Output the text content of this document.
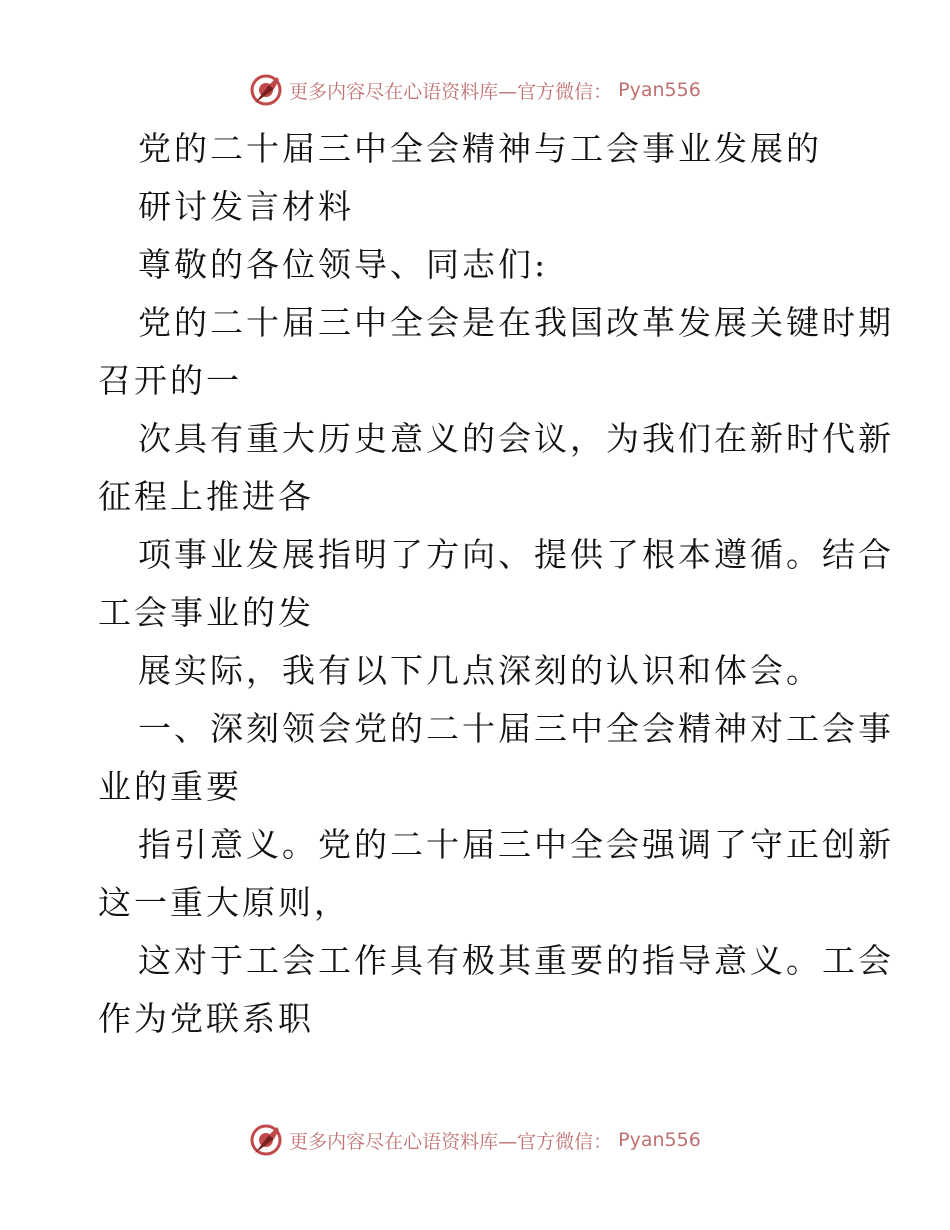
更多内容尽在心语资料库—官方微信： Pyan556
党的二十届三中全会精神与工会事业发展的
研讨发言材料
尊敬的各位领导、同志们:
党的二十届三中全会是在我国改革发展关键时期
召开的一
次具有重大历史意义的会议，为我们在新时代新
征程上推进各
项事业发展指明了方向、提供了根本遵循。结合
工会事业的发
展实际，我有以下几点深刻的认识和体会。
一、深刻领会党的二十届三中全会精神对工会事
业的重要
指引意义。党的二十届三中全会强调了守正创新
这一重大原则，
这对于工会工作具有极其重要的指导意义。工会
作为党联系职
更多内容尽在心语资料库—官方微信： Pyan556
